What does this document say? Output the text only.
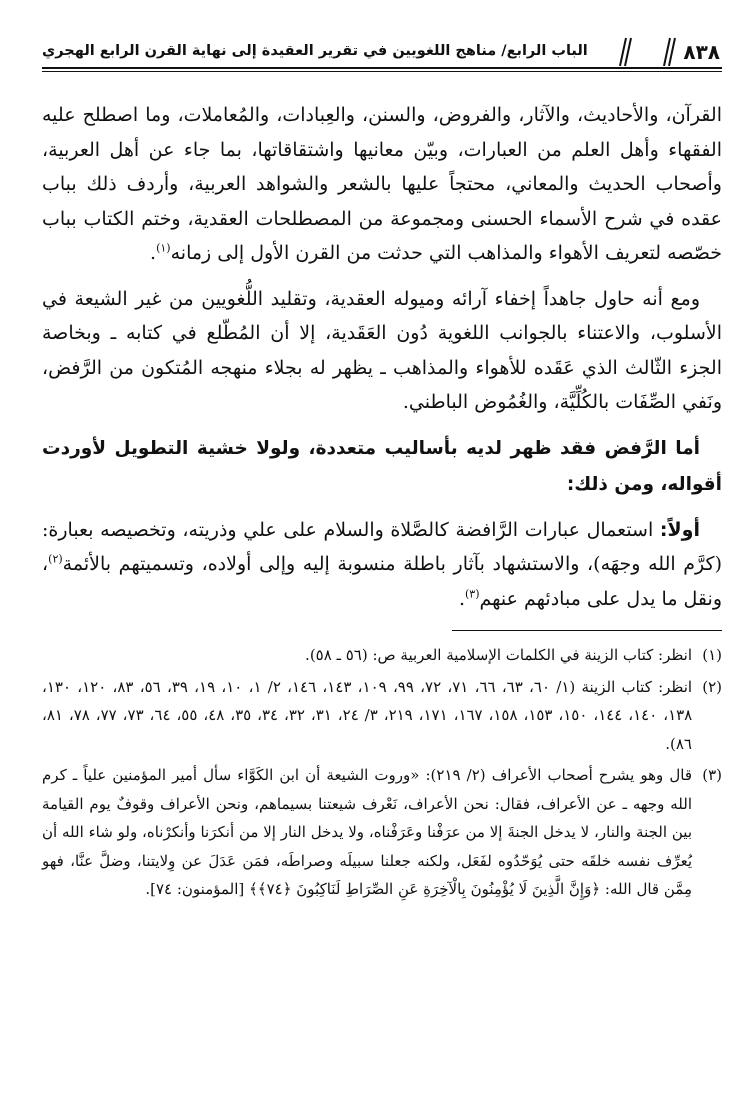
٨٣٨
الباب الرابع/ مناهج اللغويين في تقرير العقيدة إلى نهاية القرن الرابع الهجري

القرآن، والأحاديث، والآثار، والفروض، والسنن، والعِبادات، والمُعاملات، وما اصطلح عليه الفقهاء وأهل العلم من العبارات، وبيّن معانيها واشتقاقاتها، بما جاء عن أهل العربية، وأصحاب الحديث والمعاني، محتجاً عليها بالشعر والشواهد العربية، وأردف ذلك بباب عقده في شرح الأسماء الحسنى ومجموعة من المصطلحات العقدية، وختم الكتاب بباب خصّصه لتعريف الأهواء والمذاهب التي حدثت من القرن الأول إلى زمانه$^{(١)}$.

ومع أنه حاول جاهداً إخفاء آرائه وميوله العقدية، وتقليد اللُّغويين من غير الشيعة في الأسلوب، والاعتناء بالجوانب اللغوية دُون العَقَدية، إلا أن المُطّلع في كتابه ـ وبخاصة الجزء الثّالث الذي عَقَده للأهواء والمذاهب ـ يظهر له بجلاء منهجه المُتكون من الرَّفض، ونَفي الصِّفَات بالكُلِّيَّة، والغُمُوض الباطني.

أما الرَّفض فقد ظهر لديه بأساليب متعددة، ولولا خشية التطويل لأوردت أقواله، ومن ذلك:

أولاً: استعمال عبارات الرَّافضة كالصَّلاة والسلام على علي وذريته، وتخصيصه بعبارة: (كرَّم الله وجهَه)، والاستشهاد بآثار باطلة منسوبة إليه وإلى أولاده، وتسميتهم بالأئمة$^{(٢)}$، ونقل ما يدل على مبادئهم عنهم$^{(٣)}$.

(١)
انظر: كتاب الزينة في الكلمات الإسلامية العربية ص: (٥٦ ـ ٥٨).
(٢)
انظر: كتاب الزينة (١/ ٦٠، ٦٣، ٦٦، ٧١، ٧٢، ٩٩، ١٠٩، ١٤٣، ١٤٦، ٢/ ١، ١٠، ١٩، ٣٩، ٥٦، ٨٣، ١٢٠، ١٣٠، ١٣٨، ١٤٠، ١٤٤، ١٥٠، ١٥٣، ١٥٨، ١٦٧، ١٧١، ٢١٩، ٣/ ٢٤، ٣١، ٣٢، ٣٤، ٣٥، ٤٨، ٥٥، ٦٤، ٧٣، ٧٧، ٧٨، ٨١، ٨٦).
(٣)
قال وهو يشرح أصحاب الأعراف (٢/ ٢١٩): «وروت الشيعة أن ابن الكَوَّاء سأل أمير المؤمنين علياً ـ كرم الله وجهه ـ عن الأعراف، فقال: نحن الأعراف، نَعْرف شيعتنا بسيماهم، ونحن الأعراف وقوفٌ يوم القيامة بين الجنة والنار، لا يدخل الجنةَ إلا من عرَفْنا وعَرَفْناه، ولا يدخل النار إلا من أنكرَنا وأنكرْناه، ولو شاء الله أن يُعرِّف نفسه خلقَه حتى يُوَحّدُوه لفَعَل، ولكنه جعلنا سبيلَه وصراطَه، فمَن عَدَلَ عن وِلايتنا، وضلَّ عنَّا، فهو مِمَّن قال الله: ﴿وَإِنَّ الَّذِينَ لَا يُؤْمِنُونَ بِالْآخِرَةِ عَنِ الصِّرَاطِ لَنَاكِبُونَ ﴿٧٤﴾﴾ [المؤمنون: ٧٤].
